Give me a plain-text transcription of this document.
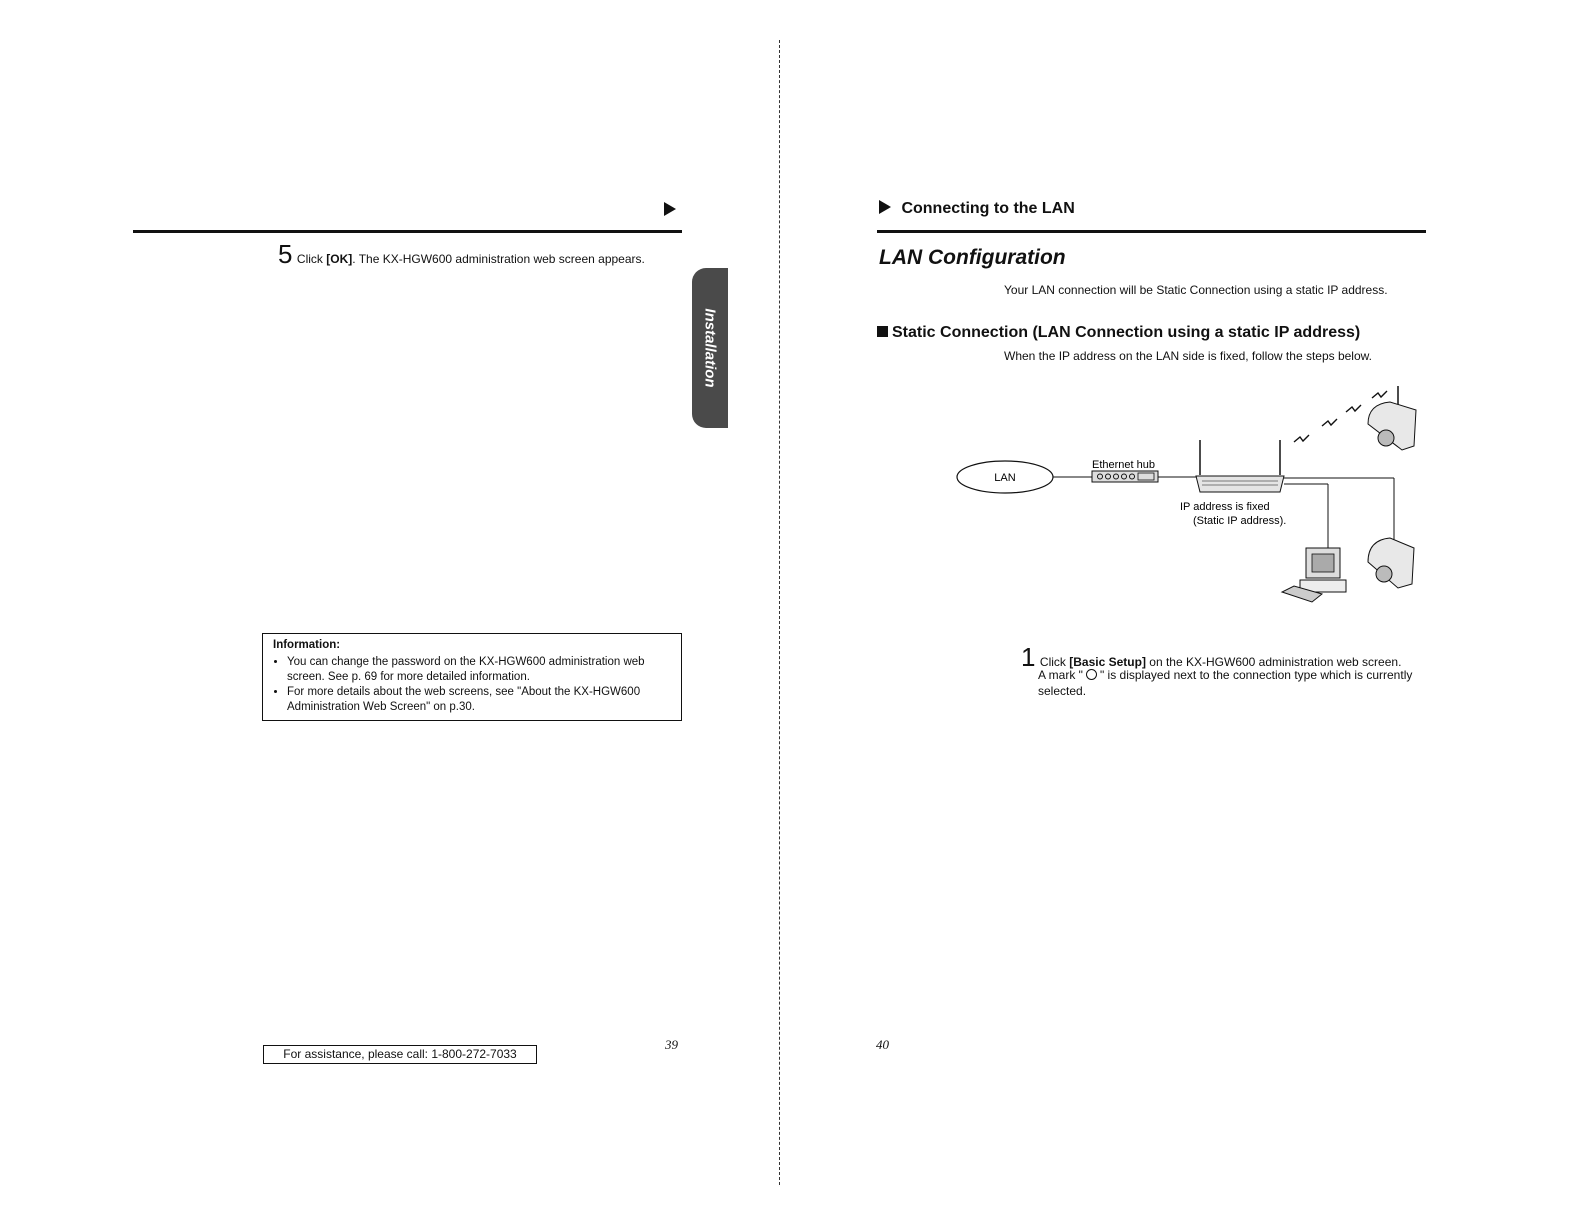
5 Click [OK]. The KX-HGW600 administration web screen appears.
Installation
Information:
• You can change the password on the KX-HGW600 administration web screen. See p. 69 for more detailed information.
• For more details about the web screens, see "About the KX-HGW600 Administration Web Screen" on p.30.
For assistance, please call: 1-800-272-7033
39
Connecting to the LAN
LAN Configuration
Your LAN connection will be Static Connection using a static IP address.
Static Connection (LAN Connection using a static IP address)
When the IP address on the LAN side is fixed, follow the steps below.
LAN
Ethernet hub
IP address is fixed
(Static IP address).
1 Click [Basic Setup] on the KX-HGW600 administration web screen.
A mark " ○ " is displayed next to the connection type which is currently
selected.
40
